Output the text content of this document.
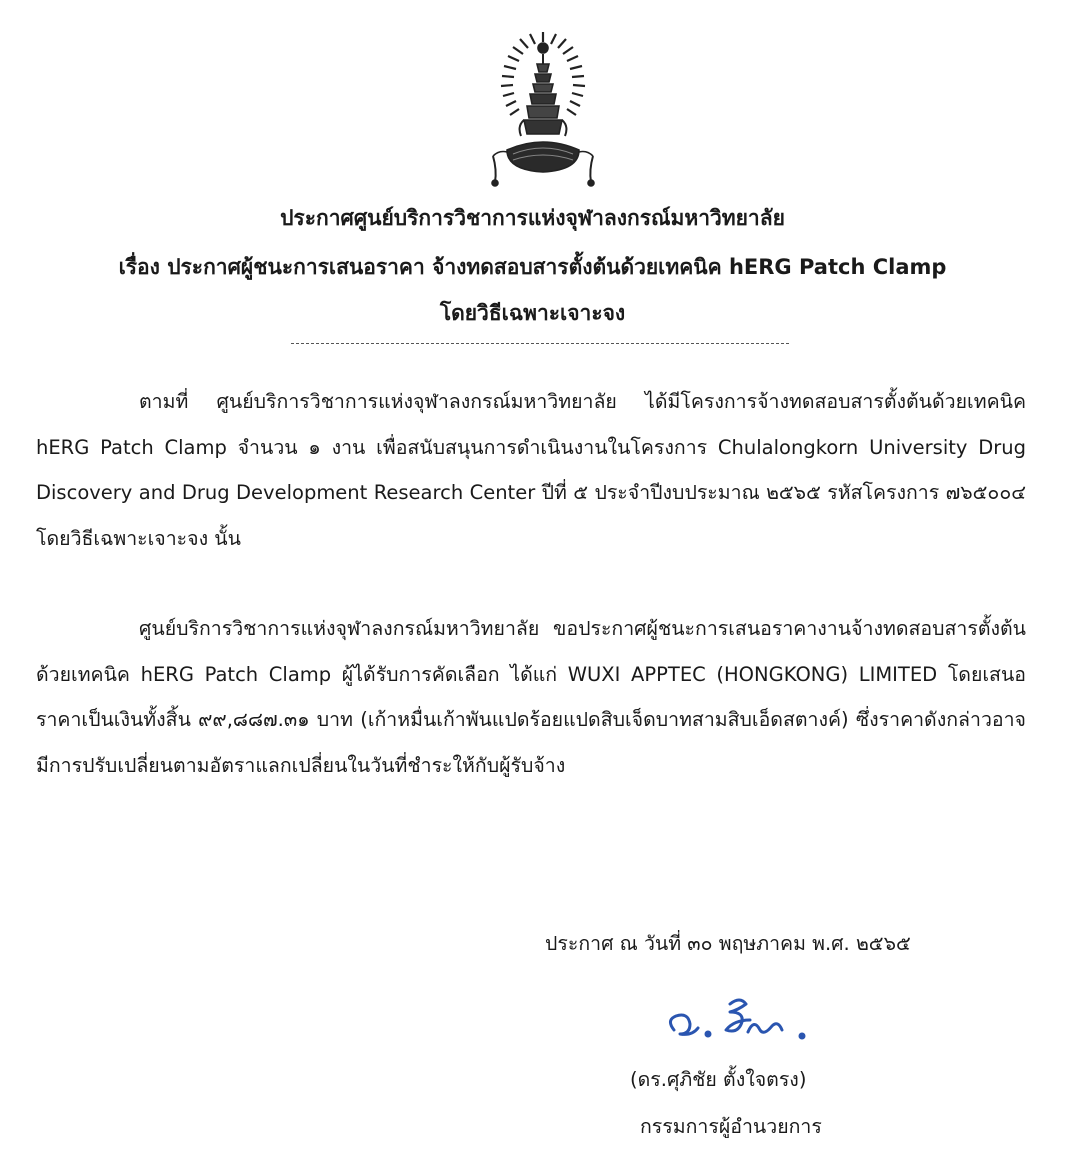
ประกาศศูนย์บริการวิชาการแห่งจุฬาลงกรณ์มหาวิทยาลัย
เรื่อง ประกาศผู้ชนะการเสนอราคา จ้างทดสอบสารตั้งต้นด้วยเทคนิค hERG Patch Clamp
โดยวิธีเฉพาะเจาะจง
ตามที่ ศูนย์บริการวิชาการแห่งจุฬาลงกรณ์มหาวิทยาลัย ได้มีโครงการจ้างทดสอบสารตั้งต้นด้วยเทคนิค hERG Patch Clamp จำนวน ๑ งาน เพื่อสนับสนุนการดำเนินงานในโครงการ Chulalongkorn University Drug Discovery and Drug Development Research Center ปีที่ ๕ ประจำปีงบประมาณ ๒๕๖๕ รหัสโครงการ ๗๖๕๐๐๔ โดยวิธีเฉพาะเจาะจง นั้น
ศูนย์บริการวิชาการแห่งจุฬาลงกรณ์มหาวิทยาลัย ขอประกาศผู้ชนะการเสนอราคางานจ้างทดสอบสารตั้งต้นด้วยเทคนิค hERG Patch Clamp ผู้ได้รับการคัดเลือก ได้แก่ WUXI APPTEC (HONGKONG) LIMITED โดยเสนอราคาเป็นเงินทั้งสิ้น ๙๙,๘๘๗.๓๑ บาท (เก้าหมื่นเก้าพันแปดร้อยแปดสิบเจ็ดบาทสามสิบเอ็ดสตางค์) ซึ่งราคาดังกล่าวอาจมีการปรับเปลี่ยนตามอัตราแลกเปลี่ยนในวันที่ชำระให้กับผู้รับจ้าง
ประกาศ ณ วันที่ ๓๐ พฤษภาคม พ.ศ. ๒๕๖๕
(ดร.ศุภิชัย ตั้งใจตรง)
กรรมการผู้อำนวยการ
